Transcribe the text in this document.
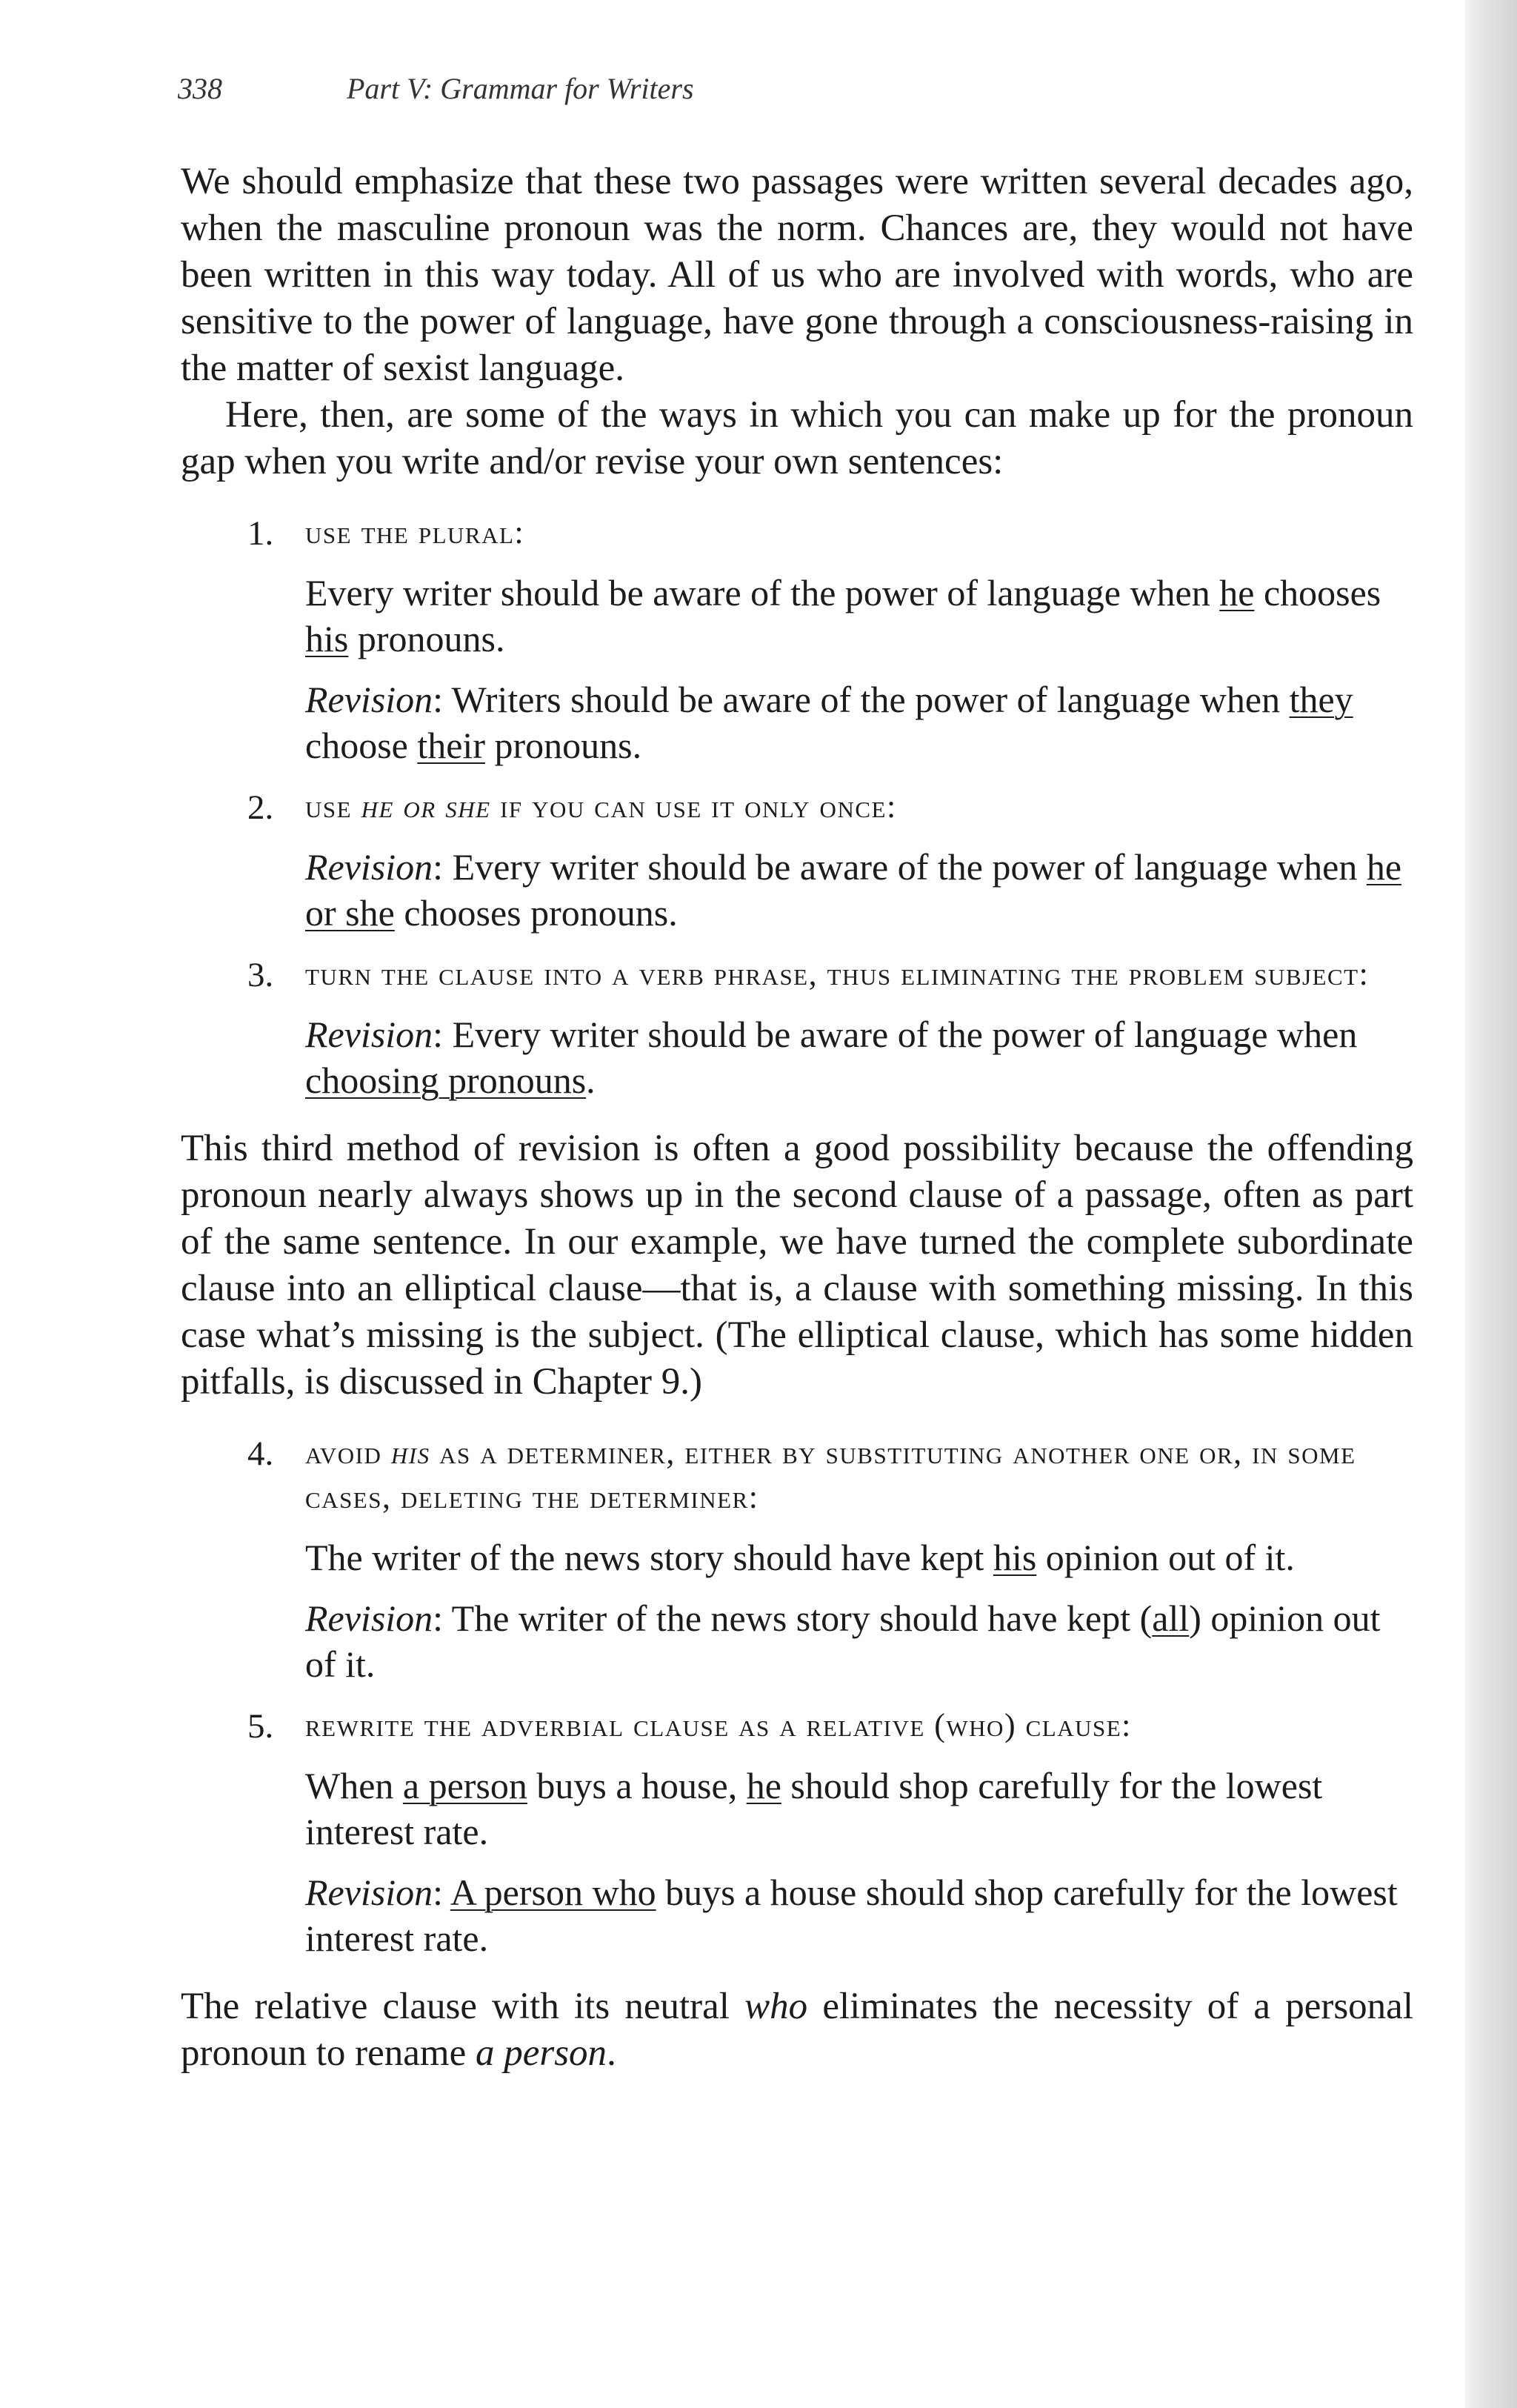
338	Part V: Grammar for Writers

We should emphasize that these two passages were written several decades ago, when the masculine pronoun was the norm. Chances are, they would not have been written in this way today. All of us who are involved with words, who are sensitive to the power of language, have gone through a consciousness-raising in the matter of sexist language.

Here, then, are some of the ways in which you can make up for the pronoun gap when you write and/or revise your own sentences:

1. use the plural:

Every writer should be aware of the power of language when he chooses his pronouns.

Revision: Writers should be aware of the power of language when they choose their pronouns.

2. use he or she if you can use it only once:

Revision: Every writer should be aware of the power of language when he or she chooses pronouns.

3. turn the clause into a verb phrase, thus eliminating the problem subject:

Revision: Every writer should be aware of the power of language when choosing pronouns.

This third method of revision is often a good possibility because the offending pronoun nearly always shows up in the second clause of a passage, often as part of the same sentence. In our example, we have turned the complete subordinate clause into an elliptical clause—that is, a clause with something missing. In this case what’s missing is the subject. (The elliptical clause, which has some hidden pitfalls, is discussed in Chapter 9.)

4. avoid his as a determiner, either by substituting another one or, in some cases, deleting the determiner:

The writer of the news story should have kept his opinion out of it.

Revision: The writer of the news story should have kept (all) opinion out of it.

5. rewrite the adverbial clause as a relative (who) clause:

When a person buys a house, he should shop carefully for the lowest interest rate.

Revision: A person who buys a house should shop carefully for the lowest interest rate.

The relative clause with its neutral who eliminates the necessity of a personal pronoun to rename a person.
